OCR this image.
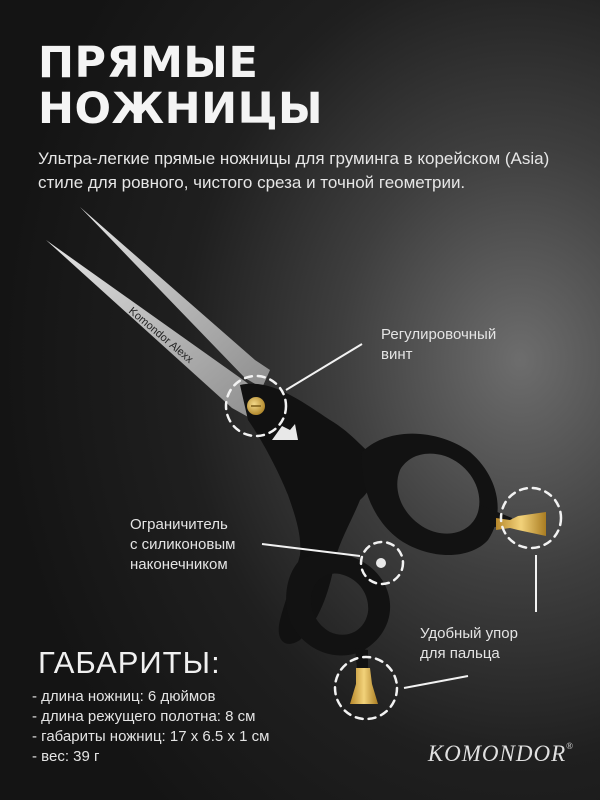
Komondor Alexx
ПРЯМЫЕ
НОЖНИЦЫ

Ультра-легкие прямые ножницы для груминга в корейском (Asia) стиле для ровного, чистого среза и точной геометрии.

Регулировочный
винт
Ограничитель
с силиконовым
наконечником
Удобный упор
для пальца
ГАБАРИТЫ:
- длина ножниц: 6 дюймов
- длина режущего полотна: 8 см
- габариты ножниц: 17 х 6.5 х 1 см
- вес: 39 г	KOMONDOR®
